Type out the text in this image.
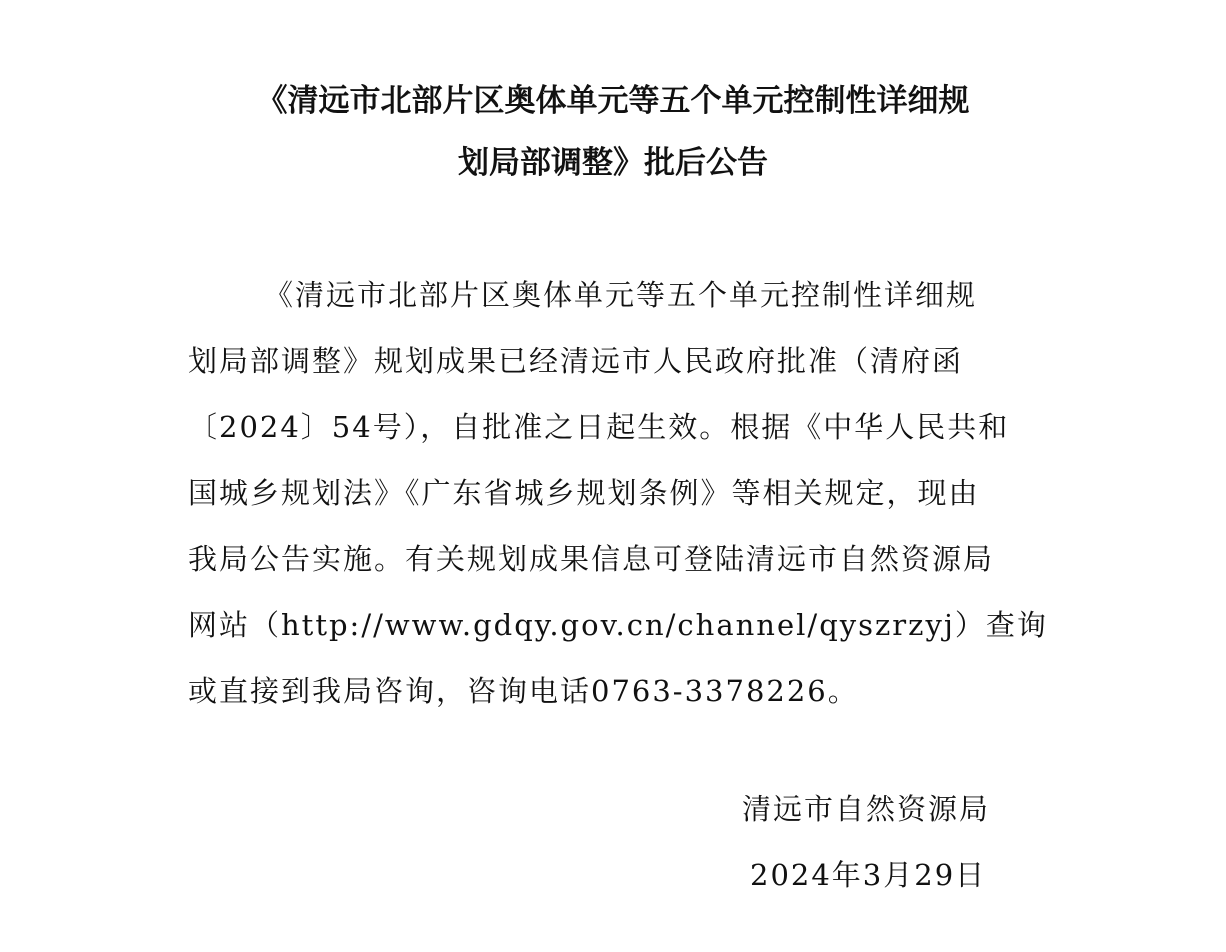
《清远市北部片区奥体单元等五个单元控制性详细规
划局部调整》批后公告
《清远市北部片区奥体单元等五个单元控制性详细规
划局部调整》规划成果已经清远市人民政府批准（清府函
〔2024〕54号），自批准之日起生效。根据《中华人民共和
国城乡规划法》《广东省城乡规划条例》等相关规定，现由
我局公告实施。有关规划成果信息可登陆清远市自然资源局
网站（http://www.gdqy.gov.cn/channel/qyszrzyj）查询
或直接到我局咨询，咨询电话0763-3378226。
清远市自然资源局
2024年3月29日
